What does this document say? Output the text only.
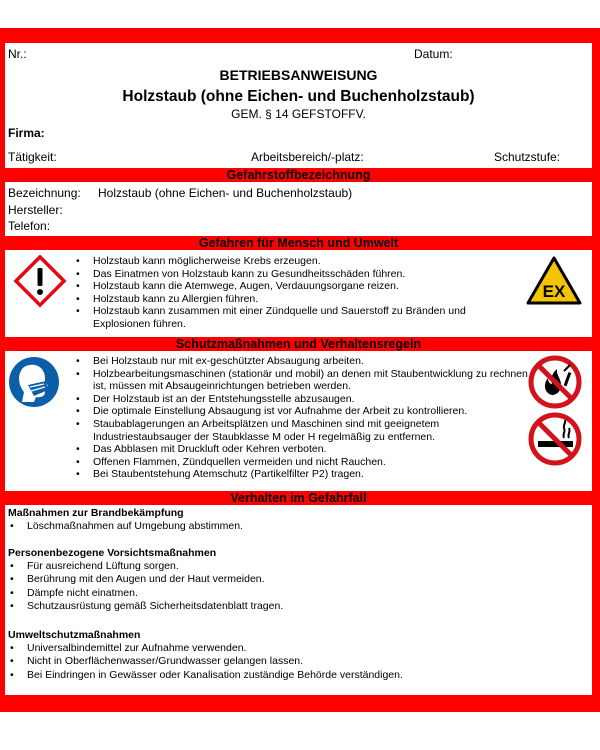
Nr.:	Datum:
BETRIEBSANWEISUNG
Holzstaub (ohne Eichen- und Buchenholzstaub)
GEM. § 14 GEFSTOFFV.
Firma:
Tätigkeit:	Arbeitsbereich/-platz:	Schutzstufe:
Gefahrstoffbezeichnung
Bezeichnung: Holzstaub (ohne Eichen- und Buchenholzstaub)
Hersteller:
Telefon:
Gefahren für Mensch und Umwelt
• Holzstaub kann möglicherweise Krebs erzeugen.
• Das Einatmen von Holzstaub kann zu Gesundheitsschäden führen.
• Holzstaub kann die Atemwege, Augen, Verdauungsorgane reizen.
• Holzstaub kann zu Allergien führen.
• Holzstaub kann zusammen mit einer Zündquelle und Sauerstoff zu Bränden und Explosionen führen.
EX
Schutzmaßnahmen und Verhaltensregeln
• Bei Holzstaub nur mit ex-geschützter Absaugung arbeiten.
• Holzbearbeitungsmaschinen (stationär und mobil) an denen mit Staubentwicklung zu rechnen ist, müssen mit Absaugeinrichtungen betrieben werden.
• Der Holzstaub ist an der Entstehungsstelle abzusaugen.
• Die optimale Einstellung Absaugung ist vor Aufnahme der Arbeit zu kontrollieren.
• Staubablagerungen an Arbeitsplätzen und Maschinen sind mit geeignetem Industriestaubsauger der Staubklasse M oder H regelmäßig zu entfernen.
• Das Abblasen mit Druckluft oder Kehren verboten.
• Offenen Flammen, Zündquellen vermeiden und nicht Rauchen.
• Bei Staubentstehung Atemschutz (Partikelfilter P2) tragen.
Verhalten im Gefahrfall
Maßnahmen zur Brandbekämpfung
• Löschmaßnahmen auf Umgebung abstimmen.
Personenbezogene Vorsichtsmaßnahmen
• Für ausreichend Lüftung sorgen.
• Berührung mit den Augen und der Haut vermeiden.
• Dämpfe nicht einatmen.
• Schutzausrüstung gemäß Sicherheitsdatenblatt tragen.
Umweltschutzmaßnahmen
• Universalbindemittel zur Aufnahme verwenden.
• Nicht in Oberflächenwasser/Grundwasser gelangen lassen.
• Bei Eindringen in Gewässer oder Kanalisation zuständige Behörde verständigen.
